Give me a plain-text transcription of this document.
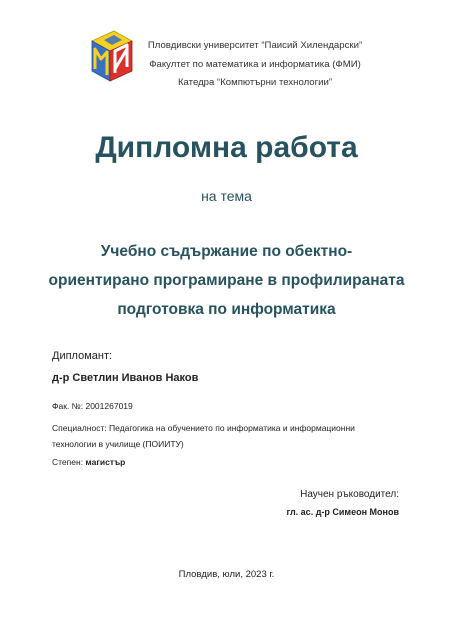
Пловдивски университет “Паисий Хилендарски”
Факултет по математика и информатика (ФМИ)
Катедра “Компютърни технологии”
Дипломна работа
на тема
Учебно съдържание по обектно-
ориентирано програмиране в профилираната
подготовка по информатика
Дипломант:
д-р Светлин Иванов Наков
Фак. №: 2001267019
Специалност: Педагогика на обучението по информатика и информационни
технологии в училище (ПОИИТУ)
Степен: магистър
Научен ръководител:
гл. ас. д-р Симеон Монов
Пловдив, юли, 2023 г.
